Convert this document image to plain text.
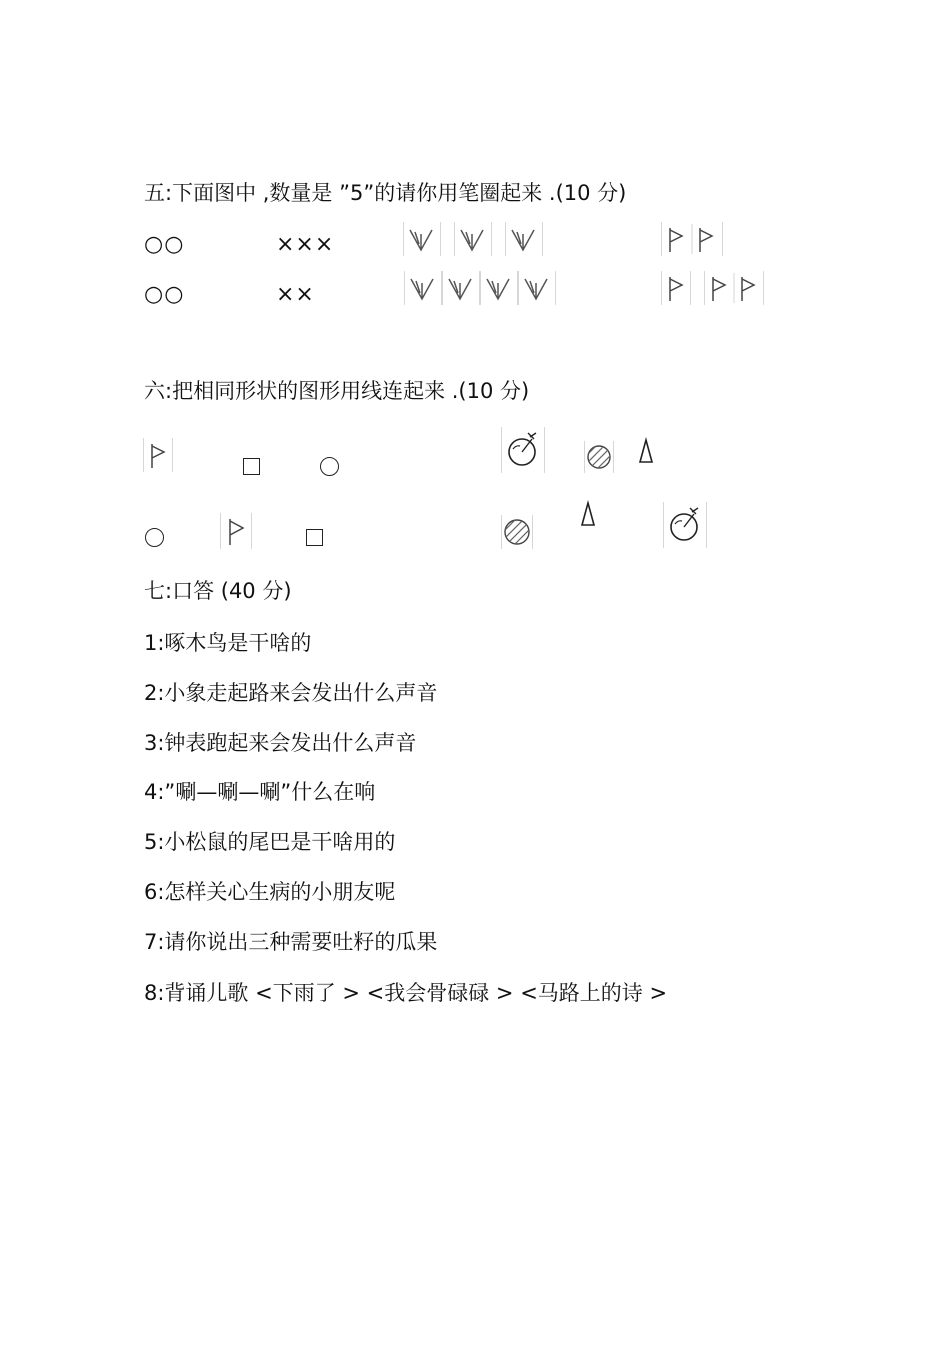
五:下面图中 ,数量是 ”5”的请你用笔圈起来 .(10 分)
○○	×××
○○	××
六:把相同形状的图形用线连起来 .(10 分)
七:口答 (40 分)
1:啄木鸟是干啥的
2:小象走起路来会发出什么声音
3:钟表跑起来会发出什么声音
4:”唰—唰—唰”什么在响
5:小松鼠的尾巴是干啥用的
6:怎样关心生病的小朋友呢
7:请你说出三种需要吐籽的瓜果
8:背诵儿歌 <下雨了 > <我会骨碌碌 > <马路上的诗 >
